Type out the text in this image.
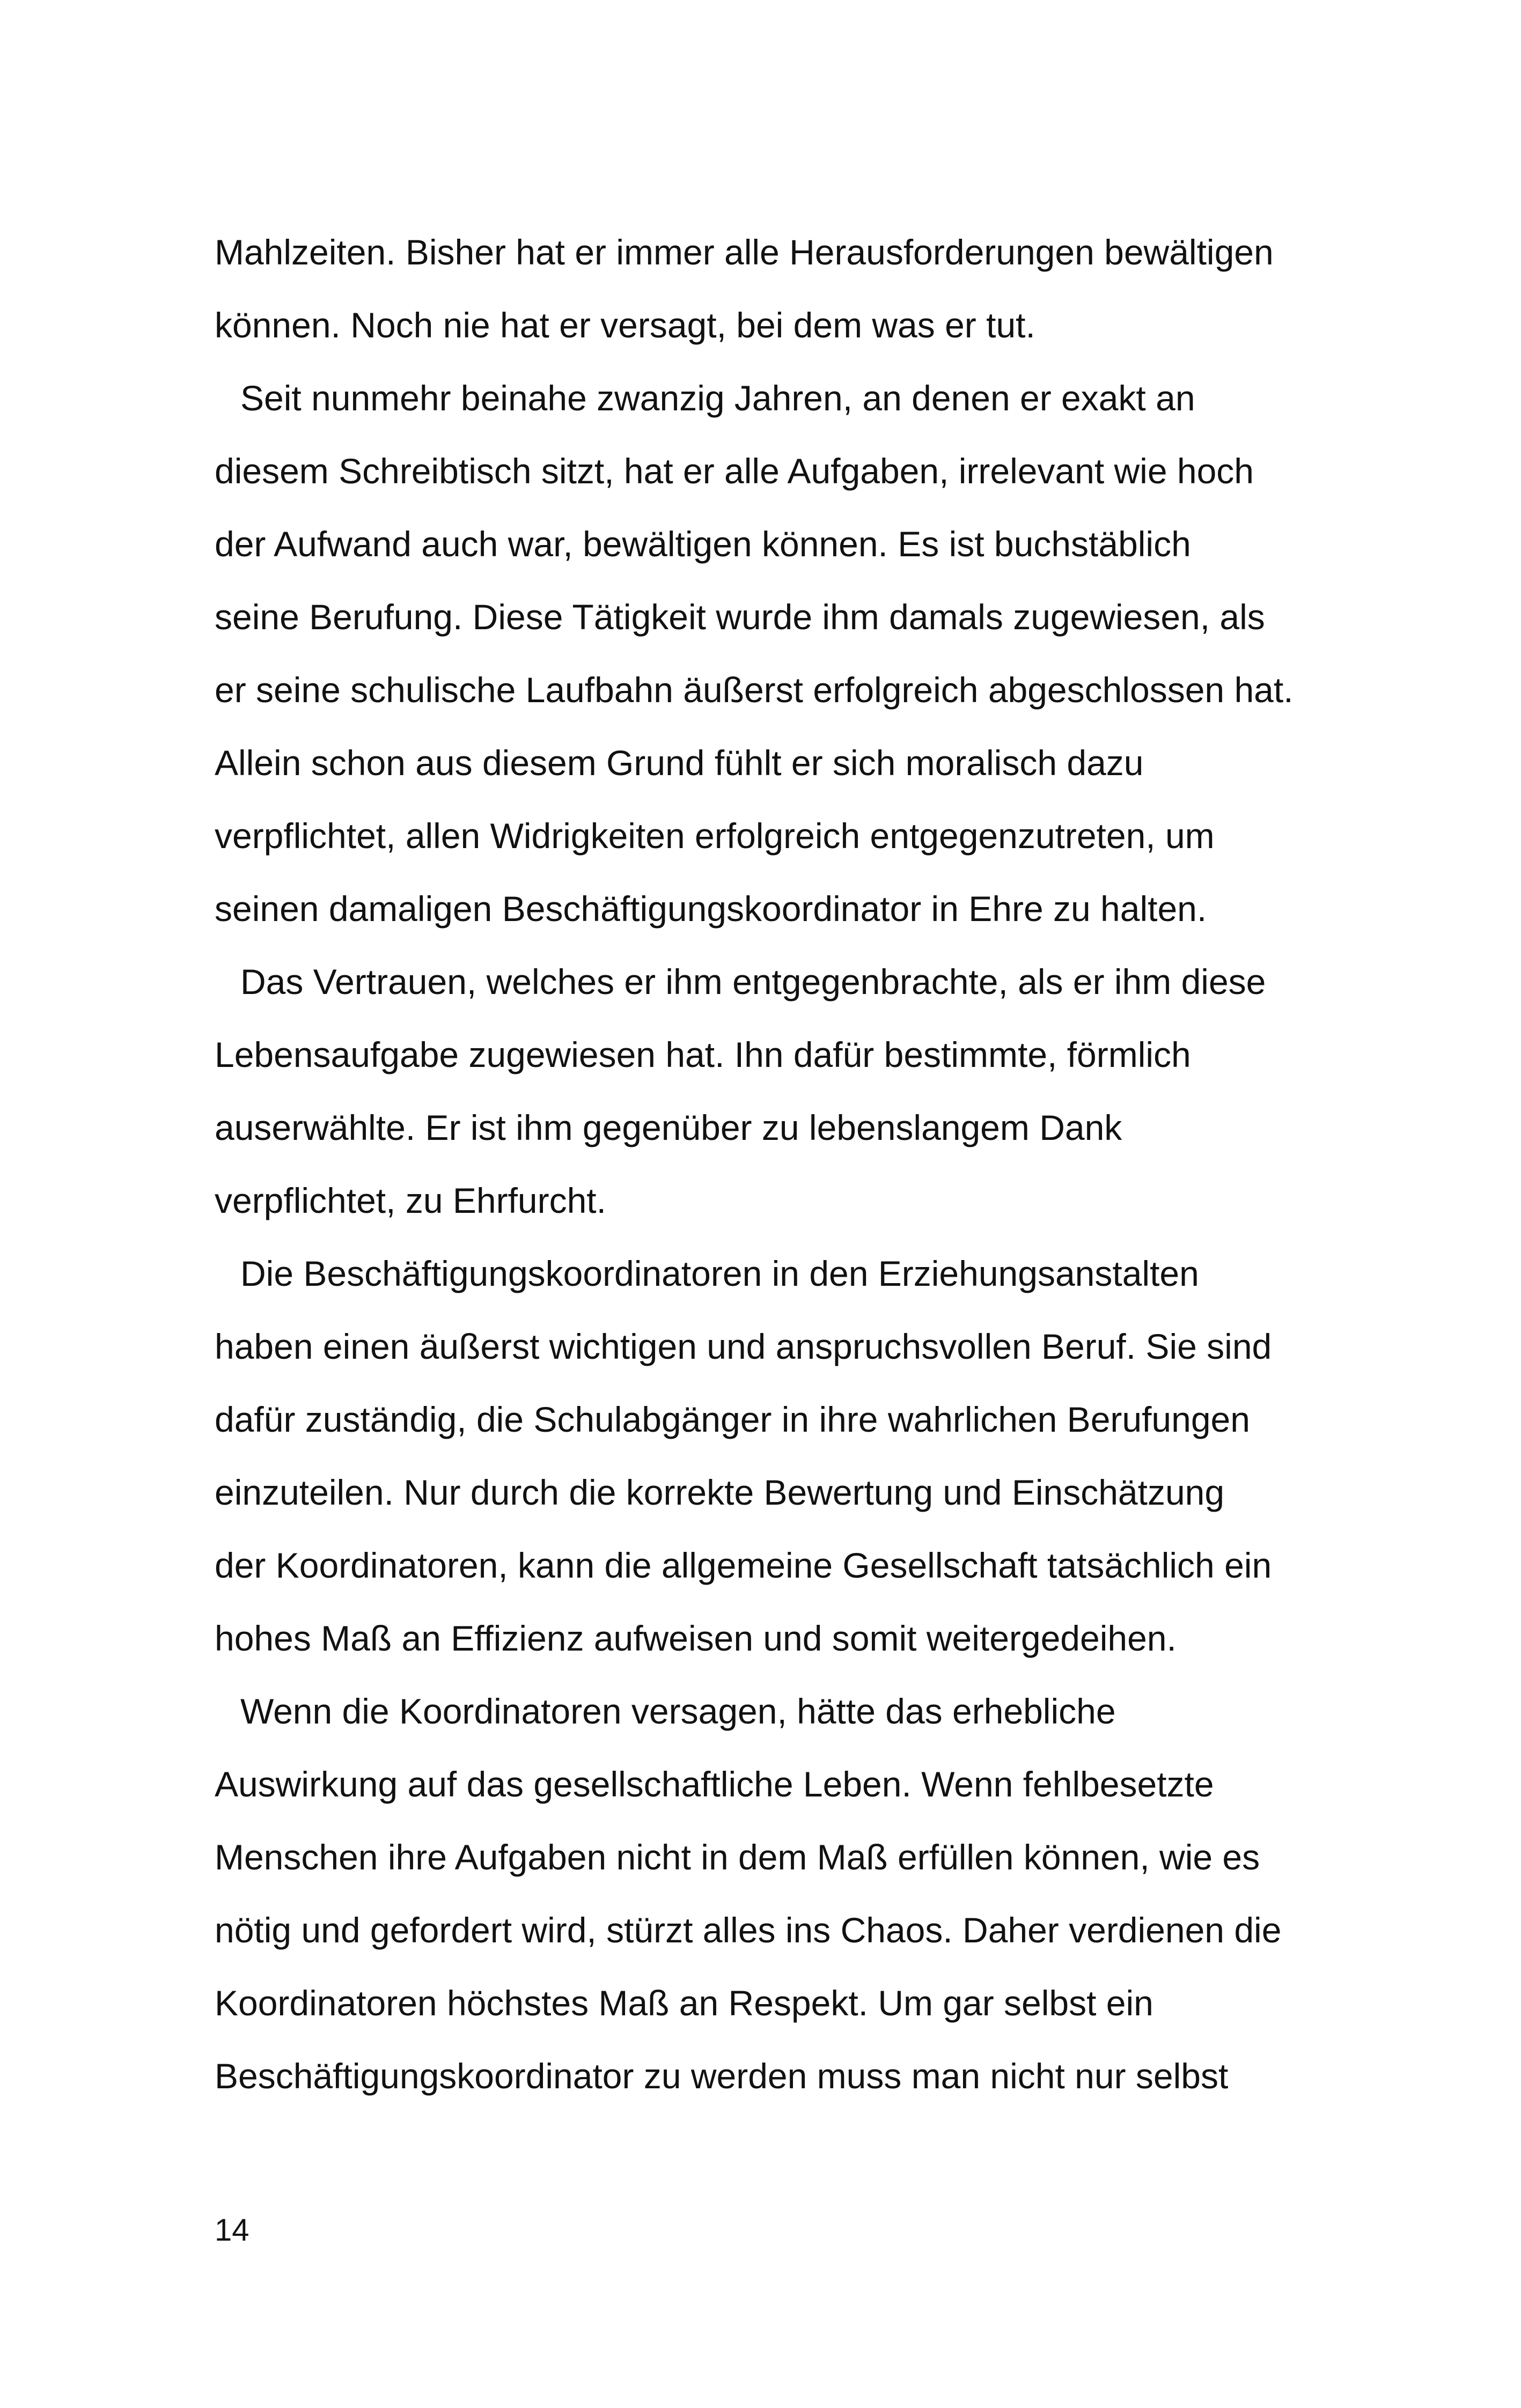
Mahlzeiten. Bisher hat er immer alle Herausforderungen bewältigen
können. Noch nie hat er versagt, bei dem was er tut.
Seit nunmehr beinahe zwanzig Jahren, an denen er exakt an
diesem Schreibtisch sitzt, hat er alle Aufgaben, irrelevant wie hoch
der Aufwand auch war, bewältigen können. Es ist buchstäblich
seine Berufung. Diese Tätigkeit wurde ihm damals zugewiesen, als
er seine schulische Laufbahn äußerst erfolgreich abgeschlossen hat.
Allein schon aus diesem Grund fühlt er sich moralisch dazu
verpflichtet, allen Widrigkeiten erfolgreich entgegenzutreten, um
seinen damaligen Beschäftigungskoordinator in Ehre zu halten.
Das Vertrauen, welches er ihm entgegenbrachte, als er ihm diese
Lebensaufgabe zugewiesen hat. Ihn dafür bestimmte, förmlich
auserwählte. Er ist ihm gegenüber zu lebenslangem Dank
verpflichtet, zu Ehrfurcht.
Die Beschäftigungskoordinatoren in den Erziehungsanstalten
haben einen äußerst wichtigen und anspruchsvollen Beruf. Sie sind
dafür zuständig, die Schulabgänger in ihre wahrlichen Berufungen
einzuteilen. Nur durch die korrekte Bewertung und Einschätzung
der Koordinatoren, kann die allgemeine Gesellschaft tatsächlich ein
hohes Maß an Effizienz aufweisen und somit weitergedeihen.
Wenn die Koordinatoren versagen, hätte das erhebliche
Auswirkung auf das gesellschaftliche Leben. Wenn fehlbesetzte
Menschen ihre Aufgaben nicht in dem Maß erfüllen können, wie es
nötig und gefordert wird, stürzt alles ins Chaos. Daher verdienen die
Koordinatoren höchstes Maß an Respekt. Um gar selbst ein
Beschäftigungskoordinator zu werden muss man nicht nur selbst
14
